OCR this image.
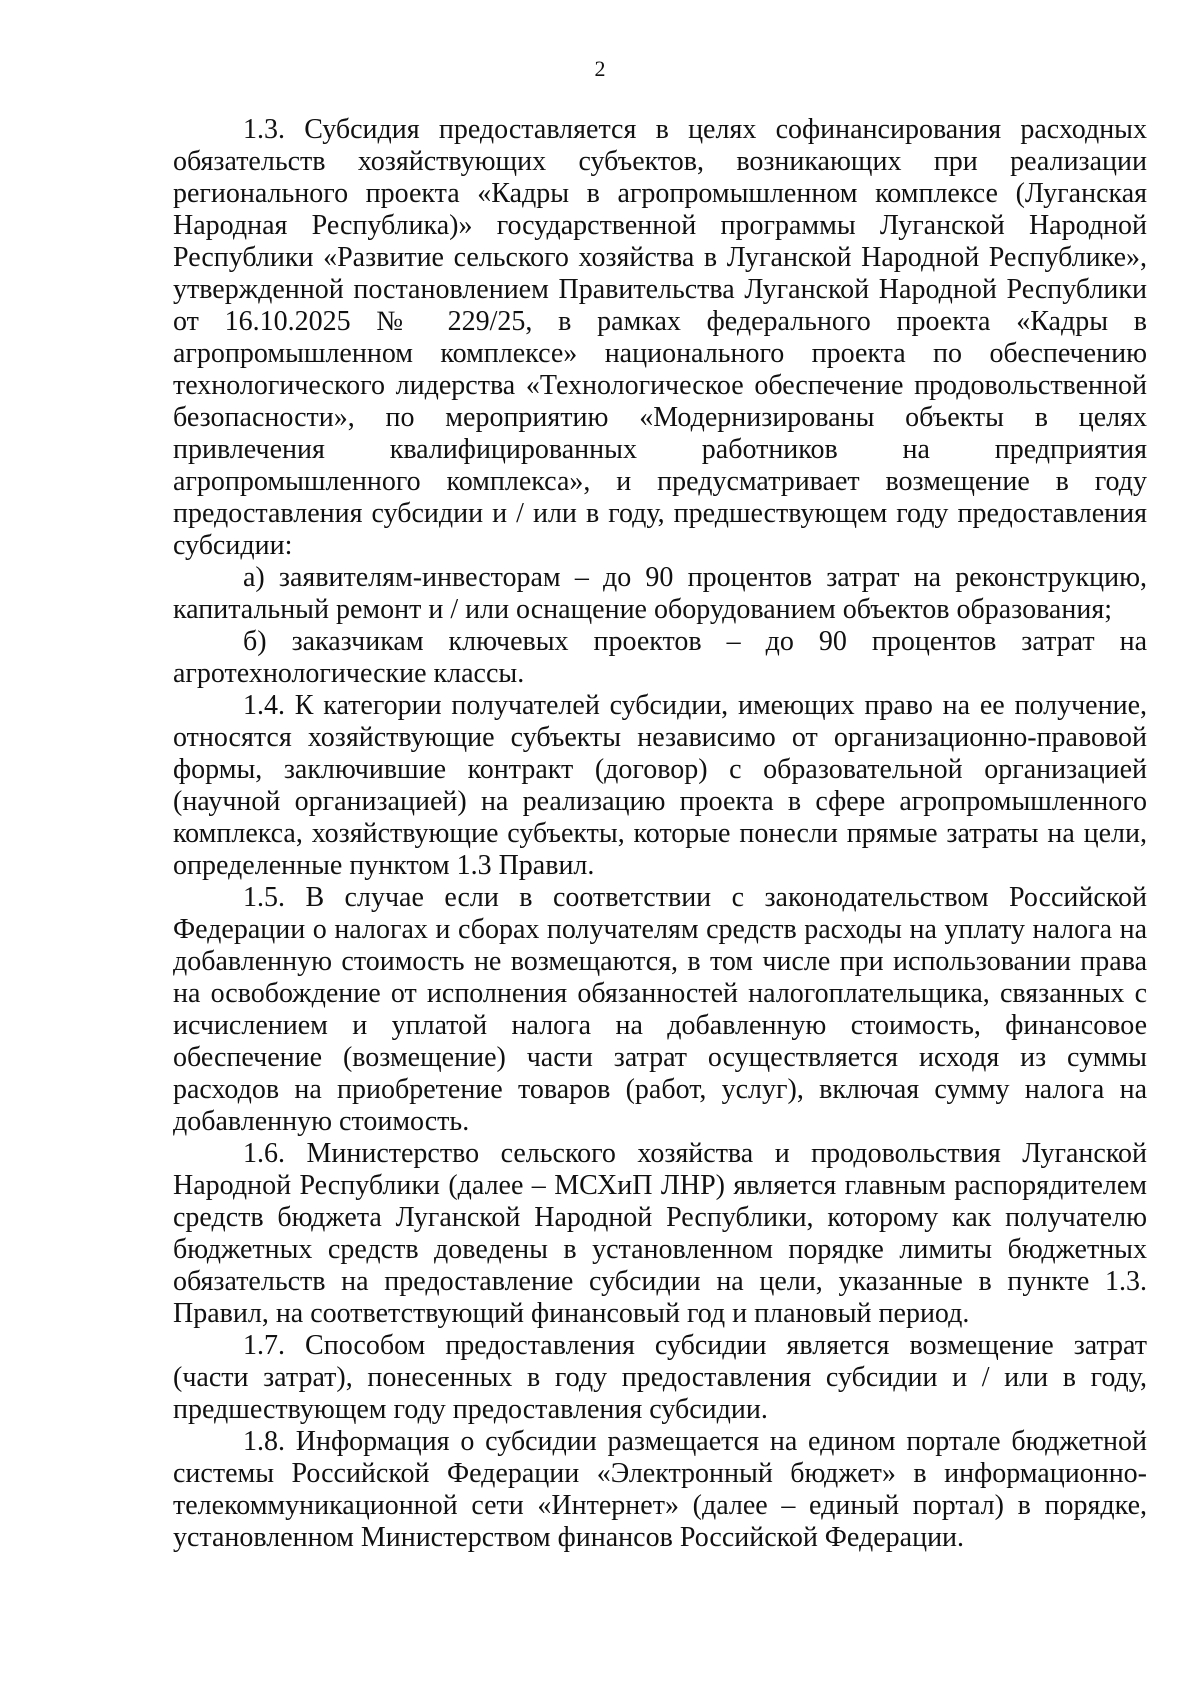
2

1.3. Субсидия предоставляется в целях софинансирования расходных обязательств хозяйствующих субъектов, возникающих при реализации регионального проекта «Кадры в агропромышленном комплексе (Луганская Народная Республика)» государственной программы Луганской Народной Республики «Развитие сельского хозяйства в Луганской Народной Республике», утвержденной постановлением Правительства Луганской Народной Республики от 16.10.2025 № 229/25, в рамках федерального проекта «Кадры в агропромышленном комплексе» национального проекта по обеспечению технологического лидерства «Технологическое обеспечение продовольственной безопасности», по мероприятию «Модернизированы объекты в целях привлечения квалифицированных работников на предприятия агропромышленного комплекса», и предусматривает возмещение в году предоставления субсидии и / или в году, предшествующем году предоставления субсидии:

а) заявителям-инвесторам – до 90 процентов затрат на реконструкцию, капитальный ремонт и / или оснащение оборудованием объектов образования;

б) заказчикам ключевых проектов – до 90 процентов затрат на агротехнологические классы.

1.4. К категории получателей субсидии, имеющих право на ее получение, относятся хозяйствующие субъекты независимо от организационно-правовой формы, заключившие контракт (договор) с образовательной организацией (научной организацией) на реализацию проекта в сфере агропромышленного комплекса, хозяйствующие субъекты, которые понесли прямые затраты на цели, определенные пунктом 1.3 Правил.

1.5. В случае если в соответствии с законодательством Российской Федерации о налогах и сборах получателям средств расходы на уплату налога на добавленную стоимость не возмещаются, в том числе при использовании права на освобождение от исполнения обязанностей налогоплательщика, связанных с исчислением и уплатой налога на добавленную стоимость, финансовое обеспечение (возмещение) части затрат осуществляется исходя из суммы расходов на приобретение товаров (работ, услуг), включая сумму налога на добавленную стоимость.

1.6. Министерство сельского хозяйства и продовольствия Луганской Народной Республики (далее – МСХиП ЛНР) является главным распорядителем средств бюджета Луганской Народной Республики, которому как получателю бюджетных средств доведены в установленном порядке лимиты бюджетных обязательств на предоставление субсидии на цели, указанные в пункте 1.3. Правил, на соответствующий финансовый год и плановый период.

1.7. Способом предоставления субсидии является возмещение затрат (части затрат), понесенных в году предоставления субсидии и / или в году, предшествующем году предоставления субсидии.

1.8. Информация о субсидии размещается на едином портале бюджетной системы Российской Федерации «Электронный бюджет» в информационно-телекоммуникационной сети «Интернет» (далее – единый портал) в порядке, установленном Министерством финансов Российской Федерации.
